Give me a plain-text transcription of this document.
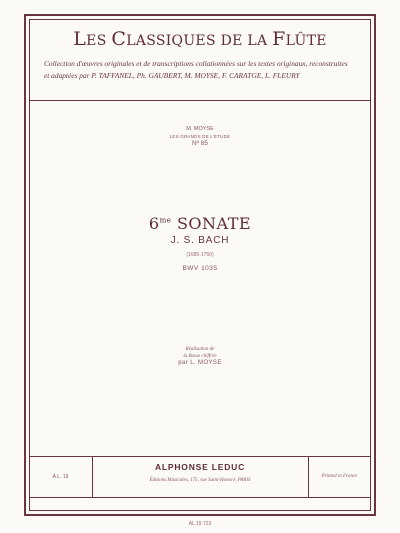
LES CLASSIQUES DE LA FLÛTE
Collection d'œuvres originales et de transcriptions collationnées sur les textes originaux, reconstruites
et adaptées par P. TAFFANEL, Ph. GAUBERT, M. MOYSE, F. CARATGE, L. FLEURY
M. MOYSE
LES GRANDS DE L'ÉTUDE
Nº 85
$6^{me}$ SONATE
J. S. BACH
(1685-1750)
BWV 1035
Réalisation de
la Basse chiffrée
par L. MOYSE
A.L. 19
ALPHONSE LEDUC
Éditions Musicales, 175, rue Saint-Honoré, PARIS
Printed in France
AL 19 723
